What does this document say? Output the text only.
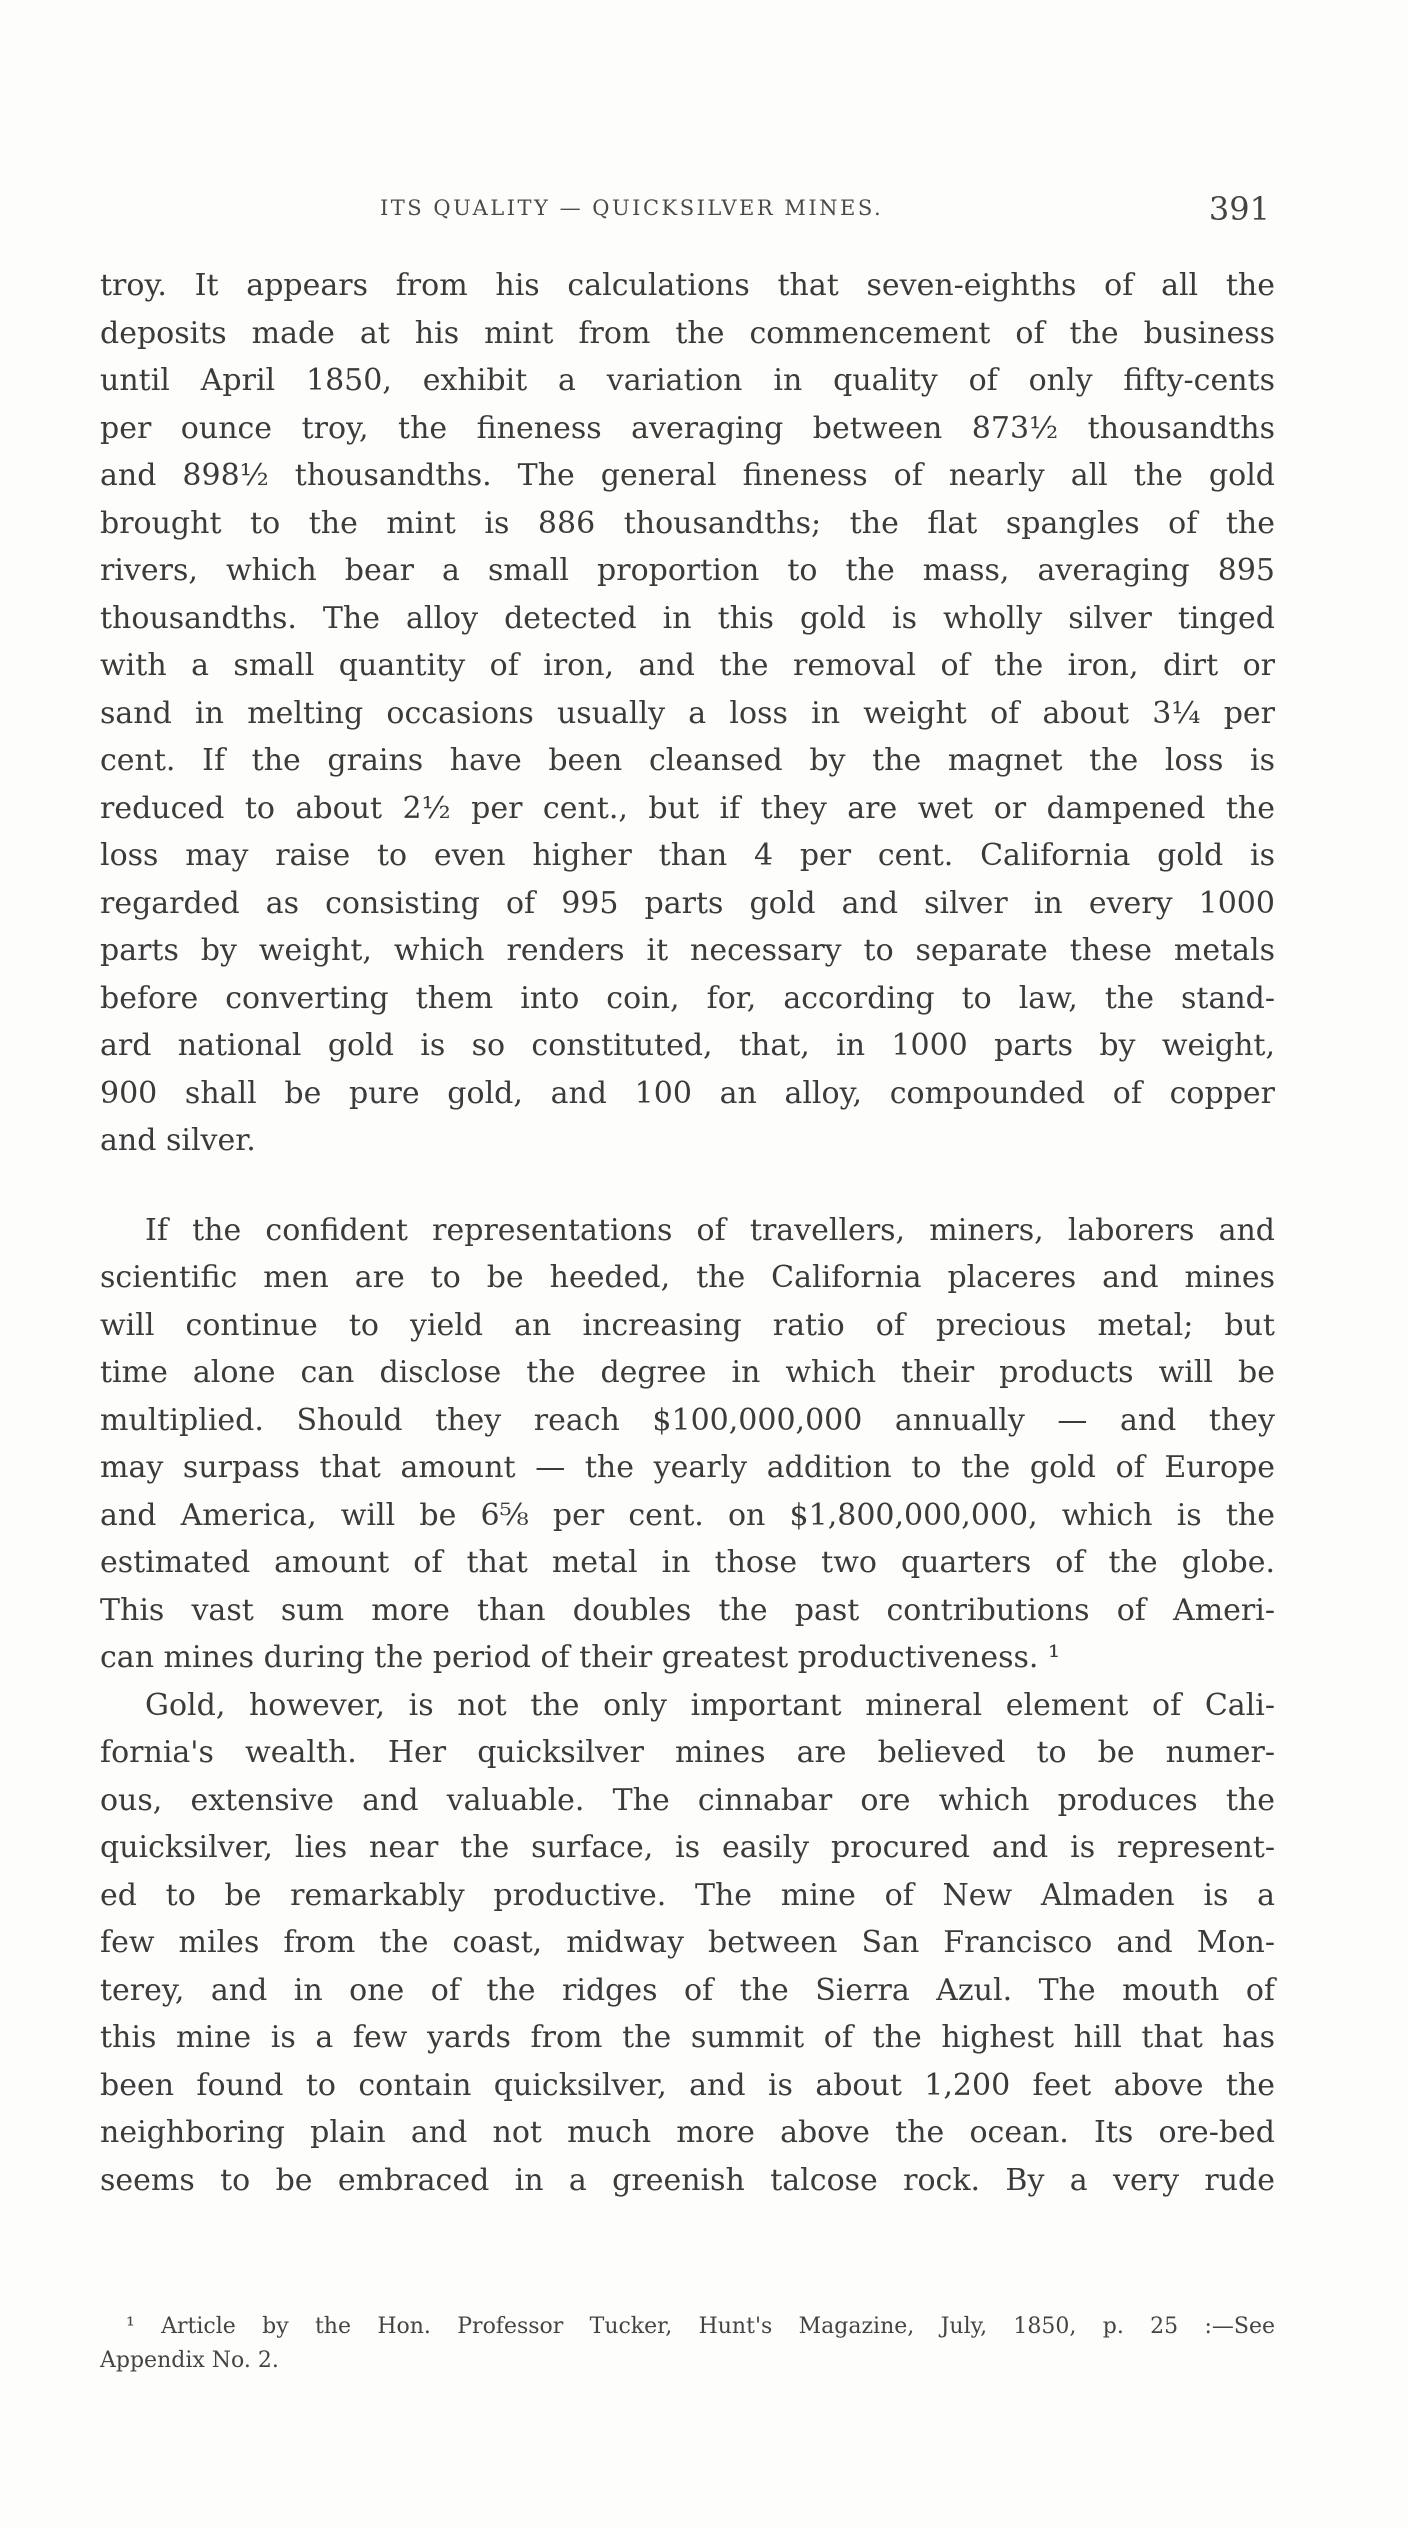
ITS QUALITY — QUICKSILVER MINES.	391
troy. It appears from his calculations that seven-eighths of all the
deposits made at his mint from the commencement of the business
until April 1850, exhibit a variation in quality of only fifty-cents
per ounce troy, the fineness averaging between 873½ thousandths
and 898½ thousandths. The general fineness of nearly all the gold
brought to the mint is 886 thousandths; the flat spangles of the
rivers, which bear a small proportion to the mass, averaging 895
thousandths. The alloy detected in this gold is wholly silver tinged
with a small quantity of iron, and the removal of the iron, dirt or
sand in melting occasions usually a loss in weight of about 3¼ per
cent. If the grains have been cleansed by the magnet the loss is
reduced to about 2½ per cent., but if they are wet or dampened the
loss may raise to even higher than 4 per cent. California gold is
regarded as consisting of 995 parts gold and silver in every 1000
parts by weight, which renders it necessary to separate these metals
before converting them into coin, for, according to law, the stand-
ard national gold is so constituted, that, in 1000 parts by weight,
900 shall be pure gold, and 100 an alloy, compounded of copper
and silver.
If the confident representations of travellers, miners, laborers and
scientific men are to be heeded, the California placeres and mines
will continue to yield an increasing ratio of precious metal; but
time alone can disclose the degree in which their products will be
multiplied. Should they reach $100,000,000 annually — and they
may surpass that amount — the yearly addition to the gold of Europe
and America, will be 6⅝ per cent. on $1,800,000,000, which is the
estimated amount of that metal in those two quarters of the globe.
This vast sum more than doubles the past contributions of Ameri-
can mines during the period of their greatest productiveness. ¹
Gold, however, is not the only important mineral element of Cali-
fornia's wealth. Her quicksilver mines are believed to be numer-
ous, extensive and valuable. The cinnabar ore which produces the
quicksilver, lies near the surface, is easily procured and is represent-
ed to be remarkably productive. The mine of New Almaden is a
few miles from the coast, midway between San Francisco and Mon-
terey, and in one of the ridges of the Sierra Azul. The mouth of
this mine is a few yards from the summit of the highest hill that has
been found to contain quicksilver, and is about 1,200 feet above the
neighboring plain and not much more above the ocean. Its ore-bed
seems to be embraced in a greenish talcose rock. By a very rude
¹ Article by the Hon. Professor Tucker, Hunt's Magazine, July, 1850, p. 25 :—See
Appendix No. 2.
